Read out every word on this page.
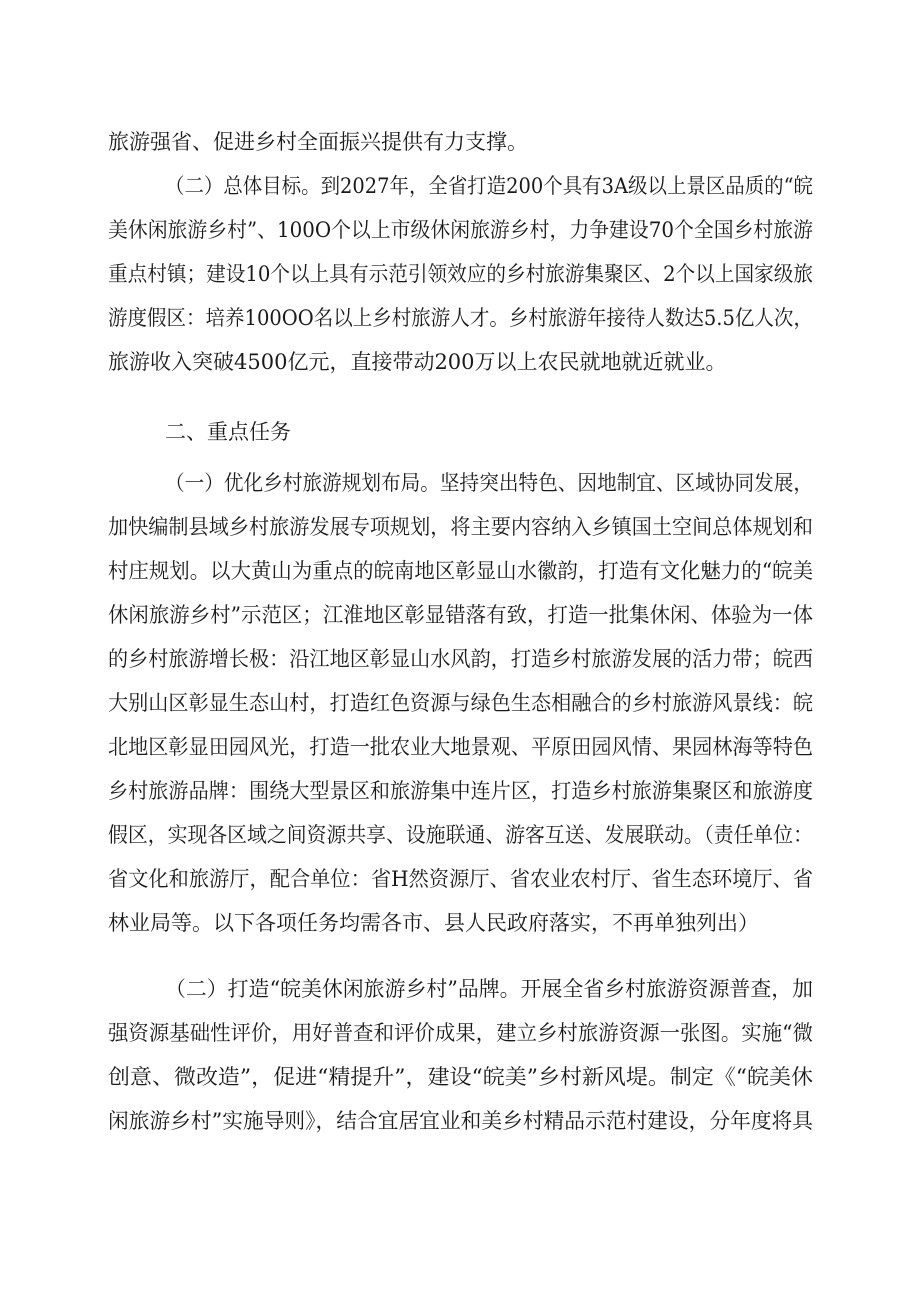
旅游强省、促进乡村全面振兴提供有力支撑。
（二）总体目标。到2027年，全省打造200个具有3A级以上景区品质的“皖
美休闲旅游乡村”、100O个以上市级休闲旅游乡村，力争建设70个全国乡村旅游
重点村镇；建设10个以上具有示范引领效应的乡村旅游集聚区、2个以上国家级旅
游度假区：培养100OO名以上乡村旅游人才。乡村旅游年接待人数达5.5亿人次，
旅游收入突破4500亿元，直接带动200万以上农民就地就近就业。
二、重点任务
（一）优化乡村旅游规划布局。坚持突出特色、因地制宜、区域协同发展，
加快编制县域乡村旅游发展专项规划，将主要内容纳入乡镇国土空间总体规划和
村庄规划。以大黄山为重点的皖南地区彰显山水徽韵，打造有文化魅力的“皖美
休闲旅游乡村”示范区；江淮地区彰显错落有致，打造一批集休闲、体验为一体
的乡村旅游增长极：沿江地区彰显山水风韵，打造乡村旅游发展的活力带；皖西
大别山区彰显生态山村，打造红色资源与绿色生态相融合的乡村旅游风景线：皖
北地区彰显田园风光，打造一批农业大地景观、平原田园风情、果园林海等特色
乡村旅游品牌：围绕大型景区和旅游集中连片区，打造乡村旅游集聚区和旅游度
假区，实现各区域之间资源共享、设施联通、游客互送、发展联动。（责任单位：
省文化和旅游厅，配合单位：省H然资源厅、省农业农村厅、省生态环境厅、省
林业局等。以下各项任务均需各市、县人民政府落实，不再单独列出）
（二）打造“皖美休闲旅游乡村”品牌。开展全省乡村旅游资源普查，加
强资源基础性评价，用好普查和评价成果，建立乡村旅游资源一张图。实施“微
创意、微改造”，促进“精提升”，建设“皖美”乡村新风堤。制定《“皖美休
闲旅游乡村”实施导则》，结合宜居宜业和美乡村精品示范村建设，分年度将具
